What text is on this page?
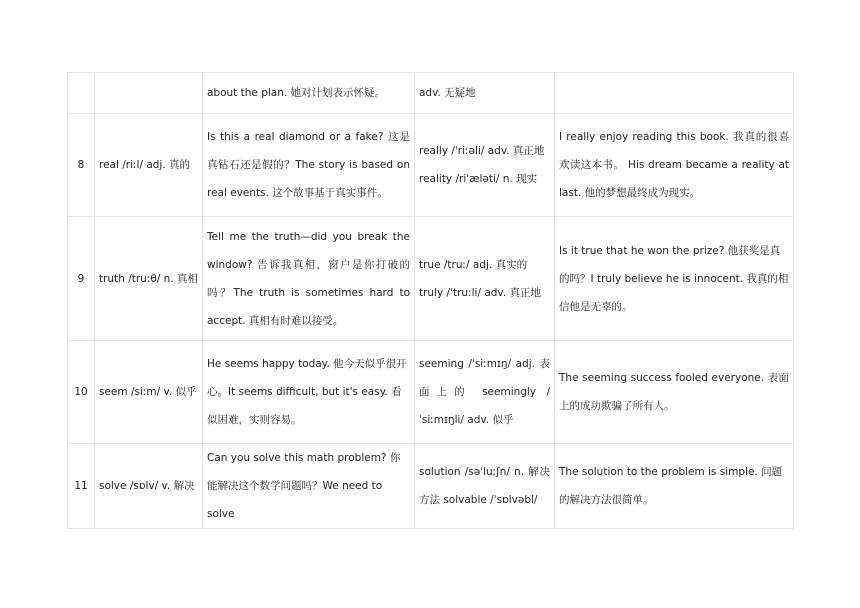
		about the plan. 她对计划表示怀疑。	adv. 无疑地	
8	real /riːl/ adj. 真的	Is this a real diamond or a fake? 这是真钻石还是假的？The story is based on real events. 这个故事基于真实事件。	really /ˈriːəli/ adv. 真正地 reality /riˈæləti/ n. 现实	I really enjoy reading this book. 我真的很喜欢读这本书。 His dream became a reality at last. 他的梦想最终成为现实。
9	truth /truːθ/ n. 真相	Tell me the truth—did you break the window? 告诉我真相，窗户是你打破的吗？The truth is sometimes hard to accept. 真相有时难以接受。	true /truː/ adj. 真实的 truly /ˈtruːli/ adv. 真正地	Is it true that he won the prize? 他获奖是真的吗？I truly believe he is innocent. 我真的相信他是无辜的。
10	seem /siːm/ v. 似乎	He seems happy today. 他今天似乎很开心。It seems difficult, but it's easy. 看似困难，实则容易。	seeming /ˈsiːmɪŋ/ adj. 表面上的 seemingly /ˈsiːmɪŋli/ adv. 似乎	The seeming success fooled everyone. 表面上的成功欺骗了所有人。
11	solve /sɒlv/ v. 解决	Can you solve this math problem? 你能解决这个数学问题吗？We need to solve	solution /səˈluːʃn/ n. 解决方法 solvable /ˈsɒlvəbl/	The solution to the problem is simple. 问题的解决方法很简单。
